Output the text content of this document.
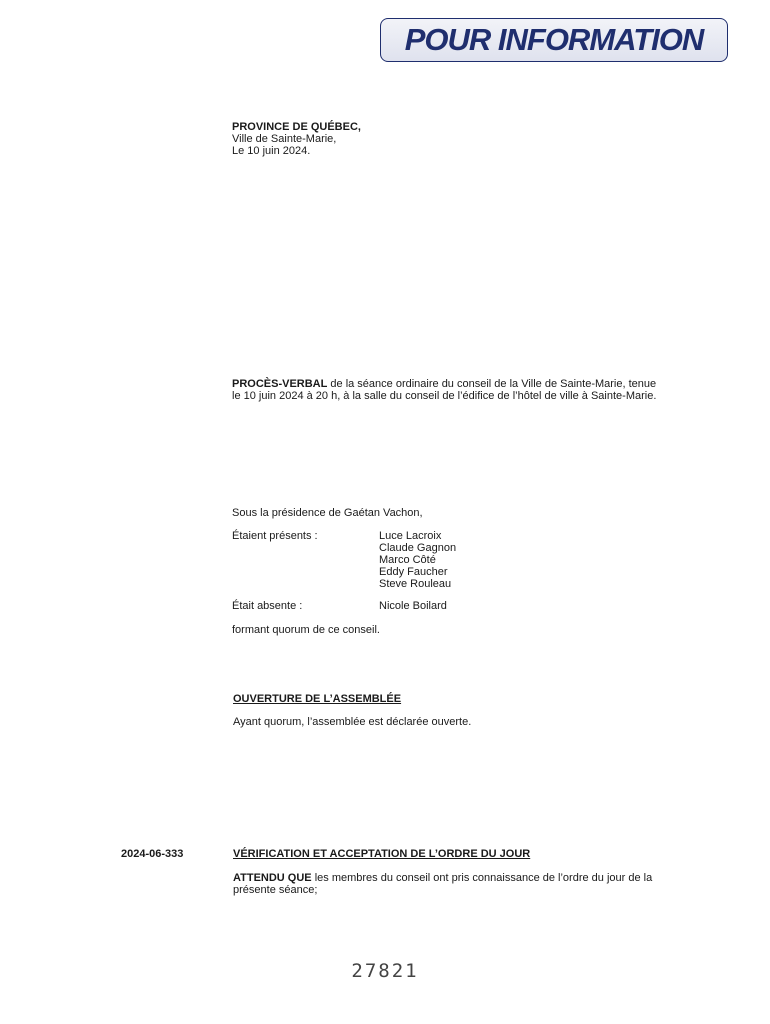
POUR INFORMATION
PROVINCE DE QUÉBEC,
Ville de Sainte-Marie,
Le 10 juin 2024.
PROCÈS-VERBAL de la séance ordinaire du conseil de la Ville de Sainte-Marie, tenue
le 10 juin 2024 à 20 h, à la salle du conseil de l’édifice de l’hôtel de ville à Sainte-Marie.
Sous la présidence de Gaétan Vachon,
Étaient présents :	Luce Lacroix
Claude Gagnon
Marco Côté
Eddy Faucher
Steve Rouleau
Était absente :	Nicole Boilard
formant quorum de ce conseil.
OUVERTURE DE L’ASSEMBLÉE
Ayant quorum, l’assemblée est déclarée ouverte.
2024-06-333	VÉRIFICATION ET ACCEPTATION DE L’ORDRE DU JOUR
ATTENDU QUE les membres du conseil ont pris connaissance de l’ordre du jour de la
présente séance;
27821
